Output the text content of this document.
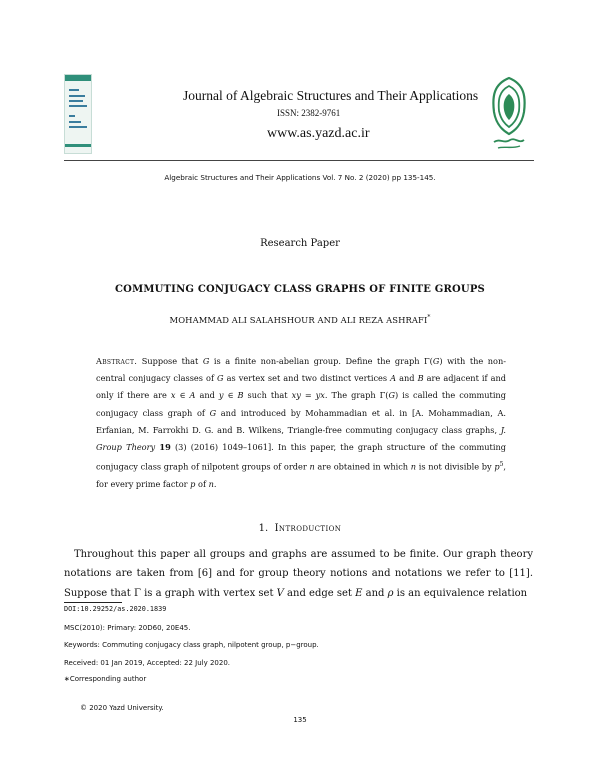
Journal of Algebraic Structures and Their Applications
ISSN: 2382-9761
www.as.yazd.ac.ir
Algebraic Structures and Their Applications Vol. 7 No. 2 (2020) pp 135-145.
Research Paper
COMMUTING CONJUGACY CLASS GRAPHS OF FINITE GROUPS
MOHAMMAD ALI SALAHSHOUR AND ALI REZA ASHRAFI*
Abstract. Suppose that G is a finite non-abelian group. Define the graph Γ(G) with the non-central conjugacy classes of G as vertex set and two distinct vertices A and B are adjacent if and only if there are x ∈ A and y ∈ B such that xy = yx. The graph Γ(G) is called the commuting conjugacy class graph of G and introduced by Mohammadian et al. in [A. Mohammadian, A. Erfanian, M. Farrokhi D. G. and B. Wilkens, Triangle-free commuting conjugacy class graphs, J. Group Theory 19 (3) (2016) 1049–1061]. In this paper, the graph structure of the commuting conjugacy class graph of nilpotent groups of order n are obtained in which n is not divisible by $p^5$, for every prime factor p of n.
1. Introduction
Throughout this paper all groups and graphs are assumed to be finite. Our graph theory notations are taken from [6] and for group theory notions and notations we refer to [11]. Suppose that Γ is a graph with vertex set V and edge set E and ρ is an equivalence relation
DOI:10.29252/as.2020.1839
MSC(2010): Primary: 20D60, 20E45.
Keywords: Commuting conjugacy class graph, nilpotent group, p−group.
Received: 01 Jan 2019, Accepted: 22 July 2020.
∗Corresponding author
© 2020 Yazd University.
135
